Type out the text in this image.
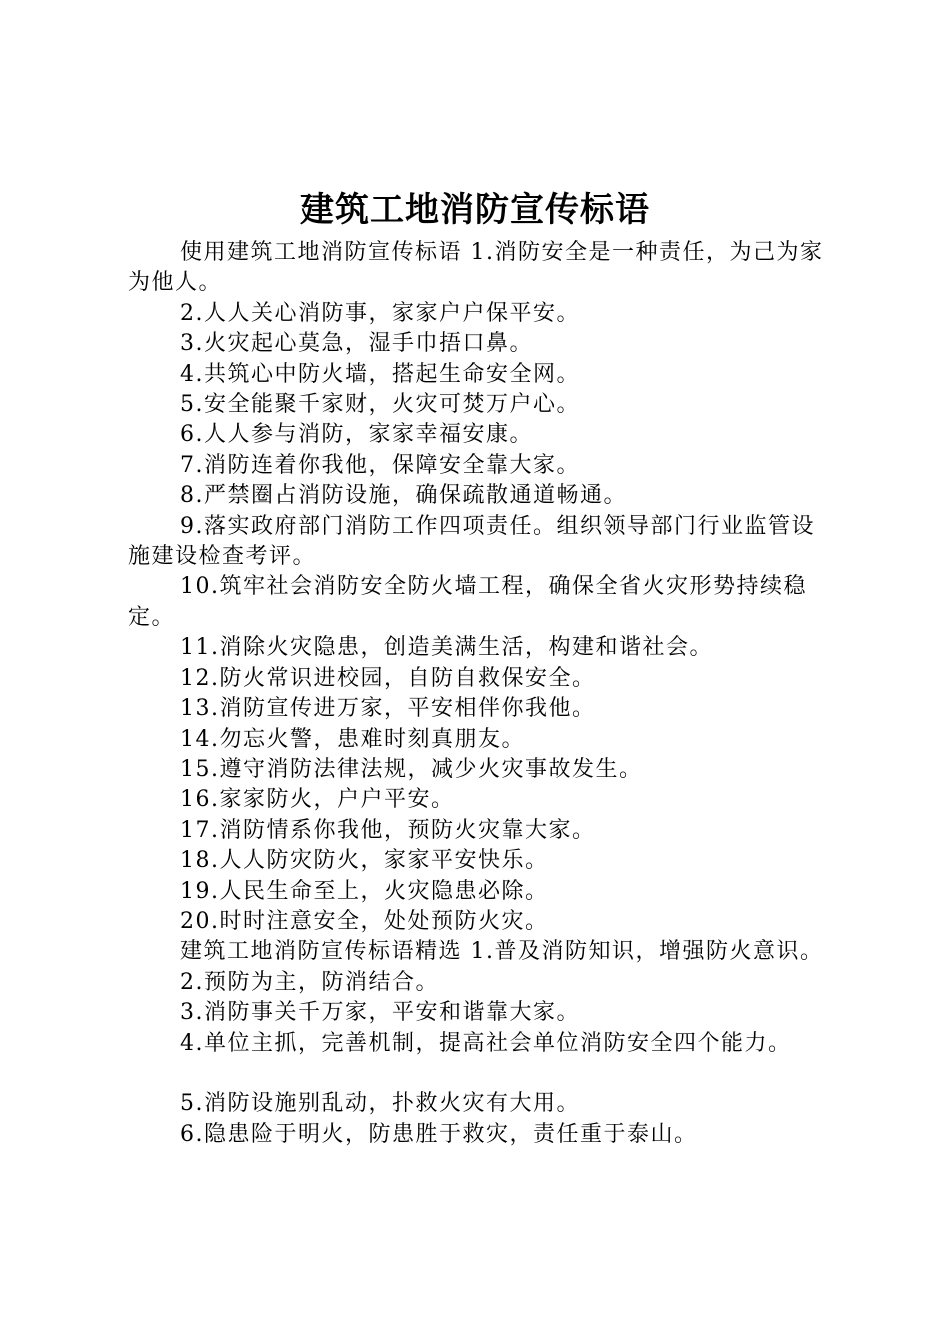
建筑工地消防宣传标语

使用建筑工地消防宣传标语 1.消防安全是一种责任，为己为家为他人。

2.人人关心消防事，家家户户保平安。

3.火灾起心莫急，湿手巾捂口鼻。

4.共筑心中防火墙，搭起生命安全网。

5.安全能聚千家财，火灾可焚万户心。

6.人人参与消防，家家幸福安康。

7.消防连着你我他，保障安全靠大家。

8.严禁圈占消防设施，确保疏散通道畅通。

9.落实政府部门消防工作四项责任。组织领导部门行业监管设施建设检查考评。

10.筑牢社会消防安全防火墙工程，确保全省火灾形势持续稳定。

11.消除火灾隐患，创造美满生活，构建和谐社会。

12.防火常识进校园，自防自救保安全。

13.消防宣传进万家，平安相伴你我他。

14.勿忘火警，患难时刻真朋友。

15.遵守消防法律法规，减少火灾事故发生。

16.家家防火，户户平安。

17.消防情系你我他，预防火灾靠大家。

18.人人防灾防火，家家平安快乐。

19.人民生命至上，火灾隐患必除。

20.时时注意安全，处处预防火灾。

建筑工地消防宣传标语精选 1.普及消防知识，增强防火意识。

2.预防为主，防消结合。

3.消防事关千万家，平安和谐靠大家。

4.单位主抓，完善机制，提高社会单位消防安全四个能力。

5.消防设施别乱动，扑救火灾有大用。

6.隐患险于明火，防患胜于救灾，责任重于泰山。
